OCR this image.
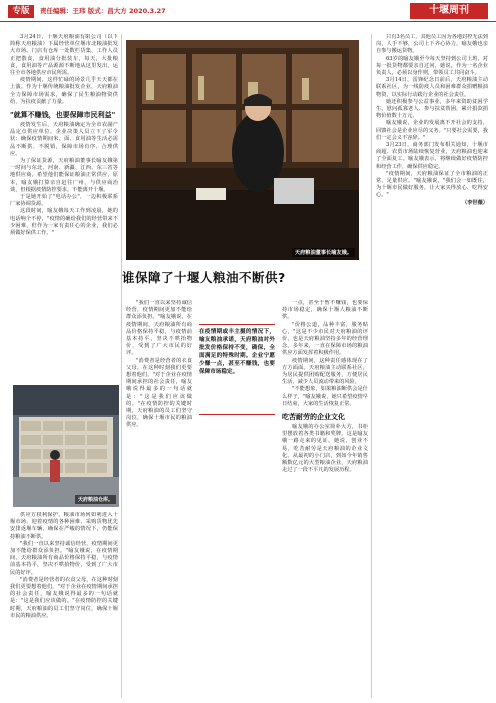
专版	责任编辑：王玮 版式：昌大方 2020.3.27	十堰周刊

3月24日，十堰天府粮油有限公司（以下简称天府粮油）下属经营单位堰市北粮油批发大市场。门店有仓库一处数栏货集，工作人员正把散食，食用油分批装车，每天，大批粮食，食用油等产品源源不断地从这里发出，运往全市各地供应市民所需。

疫情期间，这样忙碌的场景几乎天天都在上演。作为十堰传统粮油批发企业，天府粮油全力保障市场需求，确保了民生粮油物资供给，为抗疫贡献了力量。

"就算不赚钱，也要保障市民利益"

疫情发生后，天府粮油确定为全市农副产品定点供应单位。企业决策人员立下了军令状：确保疫情期间米、面、食用油等生活必需品不断供、不脱销，保障市场有序、合理供应。

为了保证货源，天府粮油董事长喻友娥第一时间与东北、河南、新疆、江西、东三省等地供应商，希望他们能保证粮油正常供应，原本，喻友娥打算亲自赶往广州，与供应商治谈，但根据疫情防控要求，不能离开十堰。

于是她开始了"电话办公"，一边积极联系厂家协调货源。

这段时间，喻友娥每天工作到凌晨，她的电话响个不停，"疫情的确给我们的经营带来不少困难，但作为一家有责任心的企业，我们必须做好保供工作。"

天府粮油仓库。

供应方权利保护，粮油市场何如利进入十堰市场，迎着疫情的各种困难，采购货物优先安排返堰车辆，确保在严峻的情况下，仍能保持粮油不断供。

"我们一直以来坚持诚信经营，疫情期间更加不能给群众添负担。"喻友娥说，在疫情期间，天府粮油所有商品价格保持平稳，与疫情前基本持平，坚决不哄抬物价，受到了广大市民的好评。

"消费者是经营者的衣食父母，在这种时刻我们更要想着他们。"对于企业在疫情期间承担的社会责任，喻友娥说得最多的一句话就是："这是我们应该做的。"在疫情防控的关键时期，天府粮油的员工们坚守岗位，确保十堰市民的粮油供应。

天府粮油董事长喻友娥。
谁保障了十堰人粮油不断供?

"我们一直以来坚持诚信经营，疫情期间更加不能给群众添负担。"喻友娥说，在疫情期间，天府粮油所有商品价格保持平稳，与疫情前基本持平，坚决不哄抬物价，受到了广大市民的好评。

"消费者是经营者的衣食父母，在这种时刻我们更要想着他们。"对于企业在疫情期间承担的社会责任，喻友娥说得最多的一句话就是："这是我们应该做的。"在疫情防控的关键时期，天府粮油的员工们坚守岗位，确保十堰市民的粮油供应。

在疫情期或丰主摄的情况下，喻友粮油承诺，天府粮油对外批发价格保持不变，确保，全面满足的特殊时期。企业宁愿少赚一点，甚至不赚钱，也要保障市场稳定。

一点，甚至于暂不赚钱，也要保持市场稳定，确保十堰人粮油不断供。

"价格公道，品种丰富，服务贴心，"这是不少市民对天府粮油的评价，也是天府粮油坚持多年的经营理念。多年来，一直在保障市场的粮油供应方面发挥着积极作用。

疫情期间，这种责任感体现在了方方面面。天府粮油主动联系社区，为居民提供团购配送服务，方便居民生活，减少人员流动带来的风险。

"不能想象，如果粮油断供会是什么样子，"喻友娥说，她只希望疫情早日结束，大家的生活恢复正常。

吃苦耐劳的企业文化

喻友娥的办公室简朴大方，书柜里摆放着各类书籍和奖牌。这是喻友娥一路走来的见证。她说，创业不易，吃苦耐劳是天府粮油的企业文化。从最初的小门店，到如今年销售额数亿元的大型粮油企业，天府粮油走过了一段不平凡的发展历程。

只有3名员工，其他员工因为各地封控无法到岗，人手不够，公司上下齐心协力，喻友娥也亲自参与搬运货物。

63岁的喻友娥至今每天坚持到公司上班，对每一批货物都要亲自过问，她说，作为一名企业负责人，必须以身作则，带领员工共同奋斗。

3月14日，雷锋纪念日前后，天府粮油主动联系社区，为一线防疫人员和困难群众捐赠粮油物资，以实际行动践行企业的社会责任。

她还积极参与公益事业，多年来资助贫困学生、慰问孤寡老人、参与扶贫帮困，累计捐款捐物价值数十万元。

喻友娥说，企业的发展离不开社会的支持，回馈社会是企业应尽的义务。"只要社会需要，我们一定会义不容辞。"

3月23日，商务部门发布相关通知，十堰市商超、农贸市场陆续恢复营业，天府粮油也迎来了全面复工。喻友娥表示，将继续做好疫情防控和经营工作，确保供应稳定。

"疫情期间，天府粮油保证了全市粮油的正常、足量供应。"喻友娥说，"我们会一如既往，为十堰市民做好服务，让大家买得放心、吃得安心。"

（李世薇）
